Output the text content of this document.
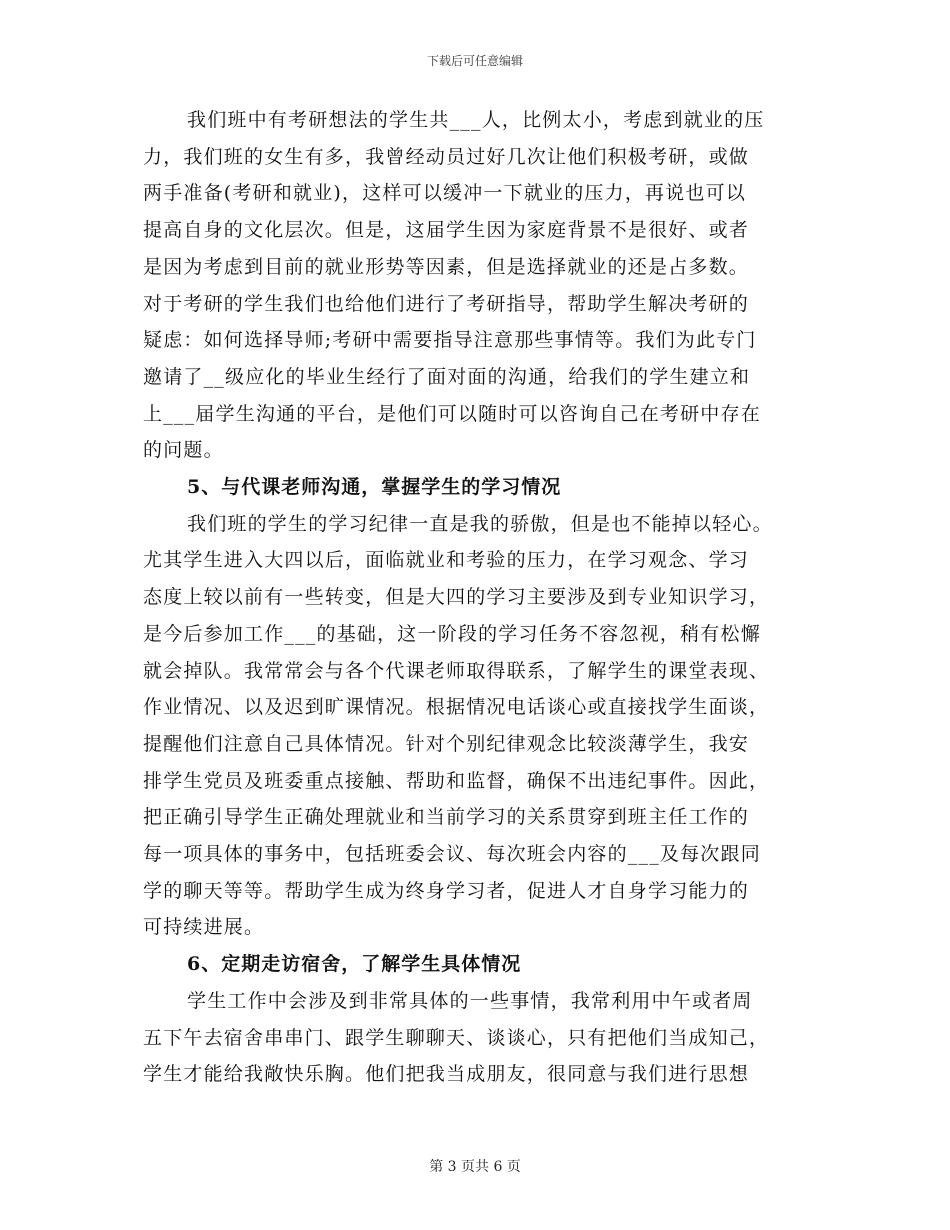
下载后可任意编辑
我们班中有考研想法的学生共___人，比例太小，考虑到就业的压
力，我们班的女生有多，我曾经动员过好几次让他们积极考研，或做
两手准备(考研和就业)，这样可以缓冲一下就业的压力，再说也可以
提高自身的文化层次。但是，这届学生因为家庭背景不是很好、或者
是因为考虑到目前的就业形势等因素，但是选择就业的还是占多数。
对于考研的学生我们也给他们进行了考研指导，帮助学生解决考研的
疑虑：如何选择导师;考研中需要指导注意那些事情等。我们为此专门
邀请了__级应化的毕业生经行了面对面的沟通，给我们的学生建立和
上___届学生沟通的平台，是他们可以随时可以咨询自己在考研中存在
的问题。
5、与代课老师沟通，掌握学生的学习情况
我们班的学生的学习纪律一直是我的骄傲，但是也不能掉以轻心。
尤其学生进入大四以后，面临就业和考验的压力，在学习观念、学习
态度上较以前有一些转变，但是大四的学习主要涉及到专业知识学习，
是今后参加工作___的基础，这一阶段的学习任务不容忽视，稍有松懈
就会掉队。我常常会与各个代课老师取得联系，了解学生的课堂表现、
作业情况、以及迟到旷课情况。根据情况电话谈心或直接找学生面谈，
提醒他们注意自己具体情况。针对个别纪律观念比较淡薄学生，我安
排学生党员及班委重点接触、帮助和监督，确保不出违纪事件。因此，
把正确引导学生正确处理就业和当前学习的关系贯穿到班主任工作的
每一项具体的事务中，包括班委会议、每次班会内容的___及每次跟同
学的聊天等等。帮助学生成为终身学习者，促进人才自身学习能力的
可持续进展。
6、定期走访宿舍，了解学生具体情况
学生工作中会涉及到非常具体的一些事情，我常利用中午或者周
五下午去宿舍串串门、跟学生聊聊天、谈谈心，只有把他们当成知己，
学生才能给我敞快乐胸。他们把我当成朋友，很同意与我们进行思想
第 3 页共 6 页
